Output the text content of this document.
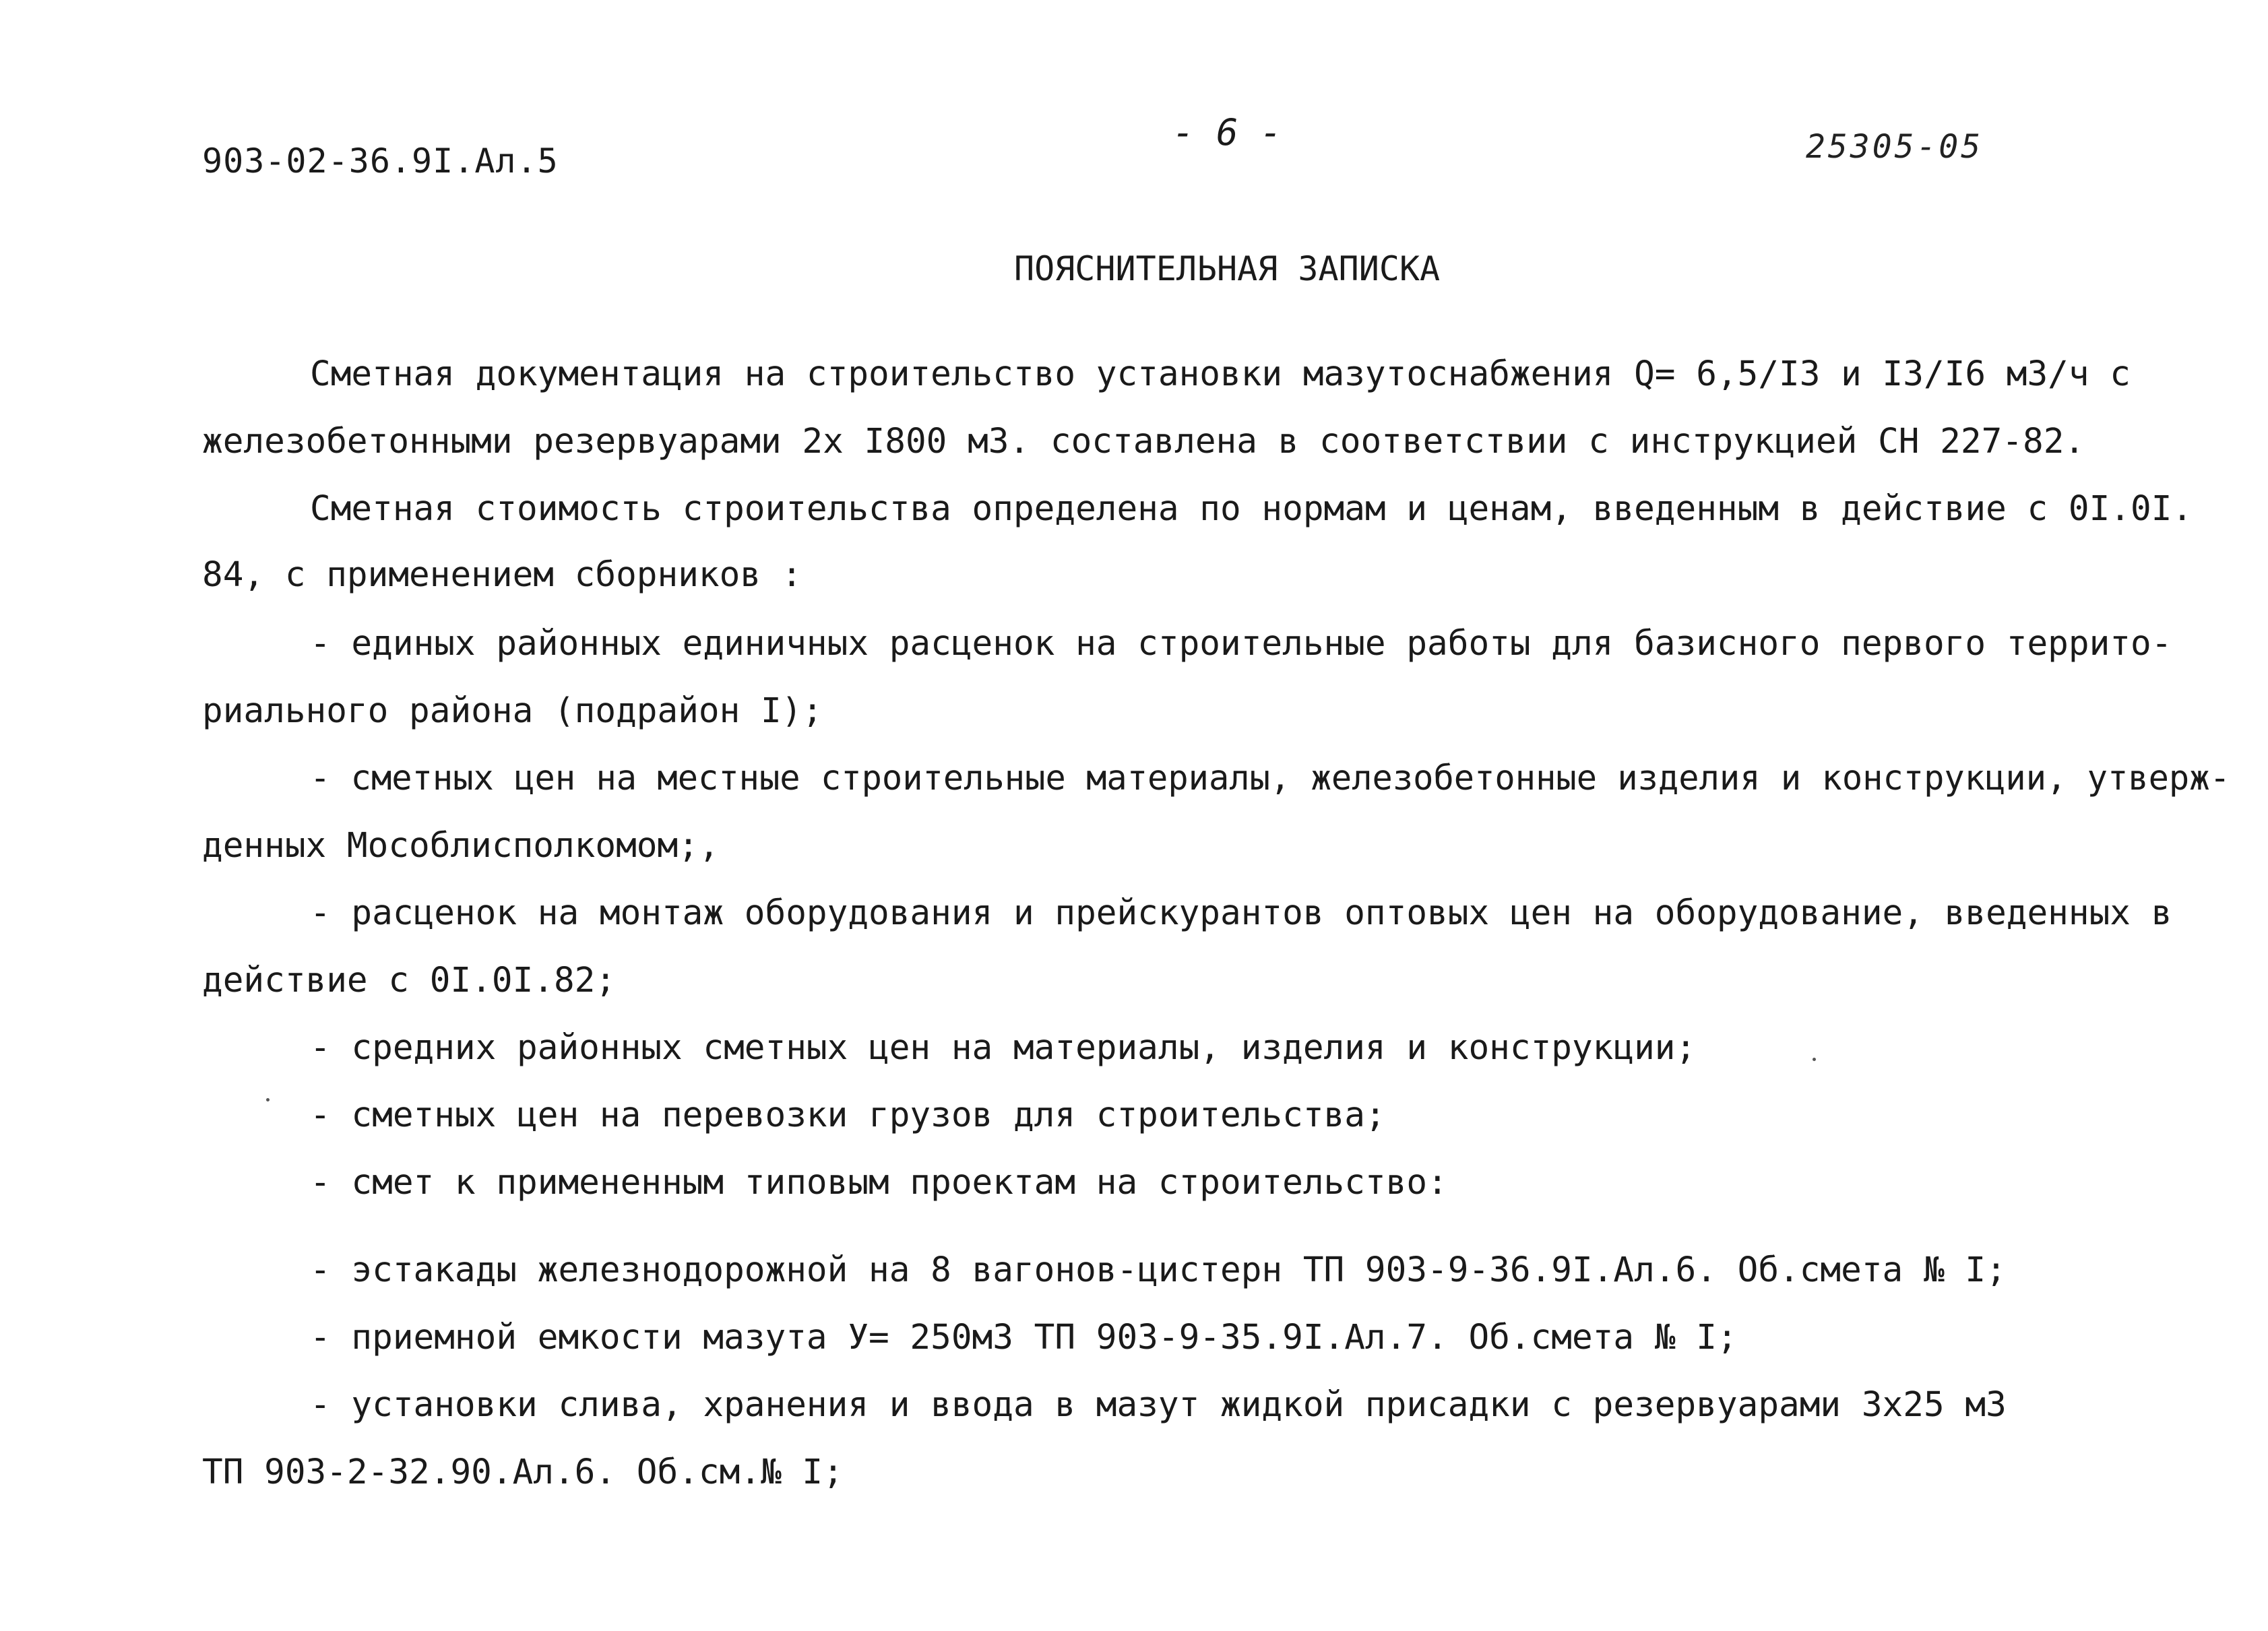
903-02-36.9I.Ал.5
- 6 -	25305-05
ПОЯСНИТЕЛЬНАЯ ЗАПИСКА
Сметная документация на строительство установки мазутоснабжения Q= 6,5/I3 и I3/I6 м3/ч с
железобетонными резервуарами 2х I800 м3. составлена в соответствии с инструкцией СН 227-82.
Сметная стоимость строительства определена по нормам и ценам, введенным в действие с 0I.0I.
84, с применением сборников :
- единых районных единичных расценок на строительные работы для базисного первого террито-
риального района (подрайон I);
- сметных цен на местные строительные материалы, железобетонные изделия и конструкции, утверж-
денных Мособлисполкомом;,
- расценок на монтаж оборудования и прейскурантов оптовых цен на оборудование, введенных в
действие с 0I.0I.82;
- средних районных сметных цен на материалы, изделия и конструкции;
- сметных цен на перевозки грузов для строительства;
- смет к примененным типовым проектам на строительство:
- эстакады железнодорожной на 8 вагонов-цистерн ТП 903-9-36.9I.Ал.6. Об.смета № I;
- приемной емкости мазута У= 250м3 ТП 903-9-35.9I.Ал.7. Об.смета № I;
- установки слива, хранения и ввода в мазут жидкой присадки с резервуарами 3х25 м3
ТП 903-2-32.90.Ал.6. Об.см.№ I;
